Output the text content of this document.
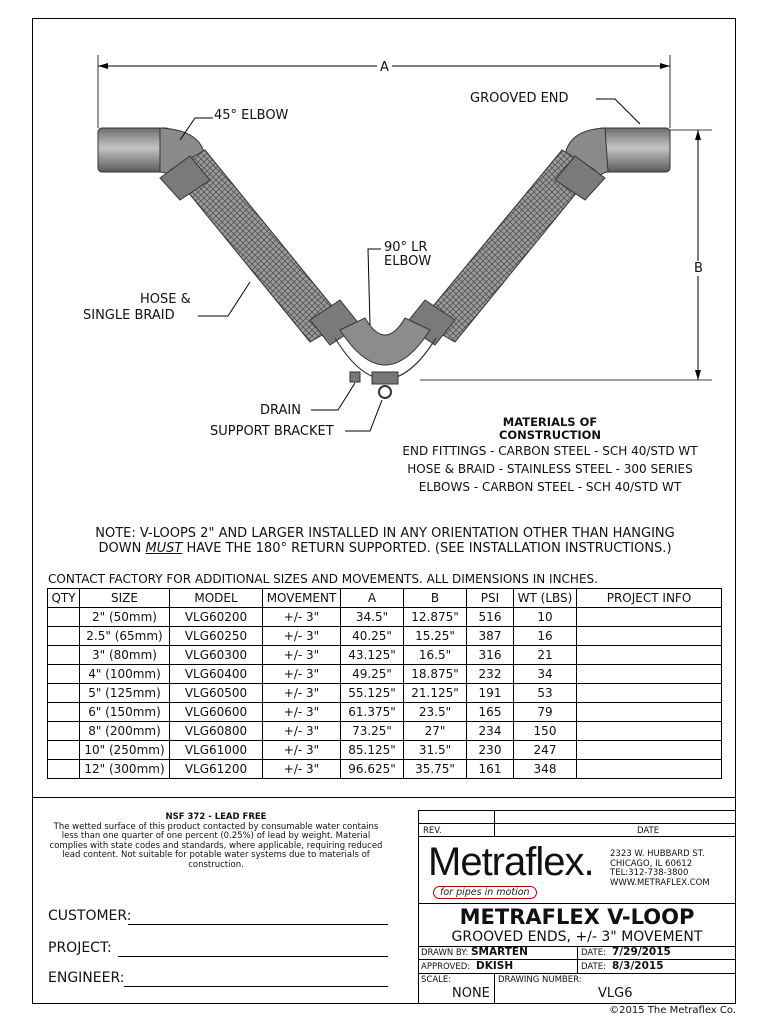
A
B
45° ELBOW
GROOVED END
90° LR
ELBOW
HOSE &
SINGLE BRAID
DRAIN
SUPPORT BRACKET
MATERIALS OF
CONSTRUCTION
END FITTINGS - CARBON STEEL - SCH 40/STD WT
HOSE & BRAID - STAINLESS STEEL - 300 SERIES
ELBOWS - CARBON STEEL - SCH 40/STD WT
NOTE: V-LOOPS 2" AND LARGER INSTALLED IN ANY ORIENTATION OTHER THAN HANGING
DOWN MUST HAVE THE 180° RETURN SUPPORTED. (SEE INSTALLATION INSTRUCTIONS.)
CONTACT FACTORY FOR ADDITIONAL SIZES AND MOVEMENTS. ALL DIMENSIONS IN INCHES.
QTY	SIZE	MODEL	MOVEMENT	A	B	PSI	WT (LBS)	PROJECT INFO
	2" (50mm)	VLG60200	+/- 3"	34.5"	12.875"	516	10	
	2.5" (65mm)	VLG60250	+/- 3"	40.25"	15.25"	387	16	
	3" (80mm)	VLG60300	+/- 3"	43.125"	16.5"	316	21	
	4" (100mm)	VLG60400	+/- 3"	49.25"	18.875"	232	34	
	5" (125mm)	VLG60500	+/- 3"	55.125"	21.125"	191	53	
	6" (150mm)	VLG60600	+/- 3"	61.375"	23.5"	165	79	
	8" (200mm)	VLG60800	+/- 3"	73.25"	27"	234	150	
	10" (250mm)	VLG61000	+/- 3"	85.125"	31.5"	230	247	
	12" (300mm)	VLG61200	+/- 3"	96.625"	35.75"	161	348	
NSF 372 - LEAD FREE
The wetted surface of this product contacted by consumable water contains less than one quarter of one percent (0.25%) of lead by weight. Material complies with state codes and standards, where applicable, requiring reduced lead content. Not suitable for potable water systems due to materials of construction.
CUSTOMER:
PROJECT:
ENGINEER:
REV.	DATE
Metraflex.
for pipes in motion
2323 W. HUBBARD ST.
CHICAGO, IL 60612
TEL:312-738-3800
WWW.METRAFLEX.COM
METRAFLEX V-LOOP
GROOVED ENDS, +/- 3" MOVEMENT
DRAWN BY: SMARTEN	DATE: 7/29/2015
APPROVED: DKISH	DATE: 8/3/2015
SCALE:
NONE
DRAWING NUMBER:
VLG6
©2015 The Metraflex Co.
